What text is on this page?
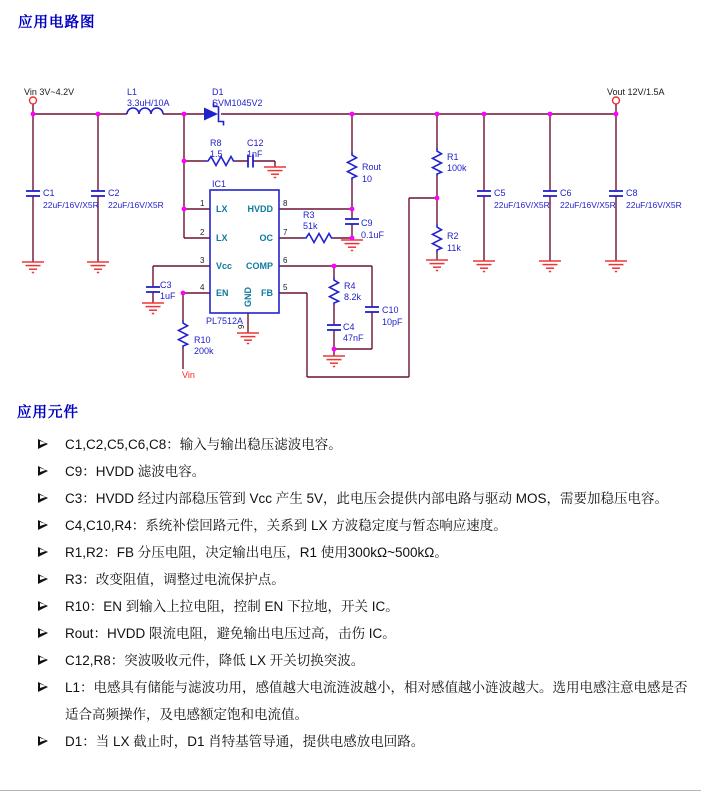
应用电路图
Vin 3V~4.2V	Vout 12V/1.5A
L1
3.3uH/10A
D1
SVM1045V2
R8
1.5
C12
1nF
C1
22uF/16V/X5R
C2
22uF/16V/X5R
C3
1uF
R10
200k
Vin
R3
51k
Rout
10
C9
0.1uF
R1
100k
R2
11k
R4
8.2k
C4
47nF
C10
10pF
C5
22uF/16V/X5R
C6
22uF/16V/X5R
C8
22uF/16V/X5R
IC1
PL7512A
1
2
3
4
8
7
6
5
9
LX
LX
Vcc
EN
HVDD
OC
COMP
FB
GND
应用元件
C1,C2,C5,C6,C8：输入与输出稳压滤波电容。
C9：HVDD 滤波电容。
C3：HVDD 经过内部稳压管到 Vcc 产生 5V，此电压会提供内部电路与驱动 MOS，需要加稳压电容。
C4,C10,R4：系统补偿回路元件，关系到 LX 方波稳定度与暂态响应速度。
R1,R2：FB 分压电阻，决定输出电压，R1 使用300kΩ~500kΩ。
R3：改变阻值，调整过电流保护点。
R10：EN 到输入上拉电阻，控制 EN 下拉地，开关 IC。
Rout：HVDD 限流电阻，避免输出电压过高，击伤 IC。
C12,R8：突波吸收元件，降低 LX 开关切换突波。
L1：电感具有储能与滤波功用，感值越大电流涟波越小，相对感值越小涟波越大。选用电感注意电感是否适合高频操作，及电感额定饱和电流值。
D1：当 LX 截止时，D1 肖特基管导通，提供电感放电回路。
